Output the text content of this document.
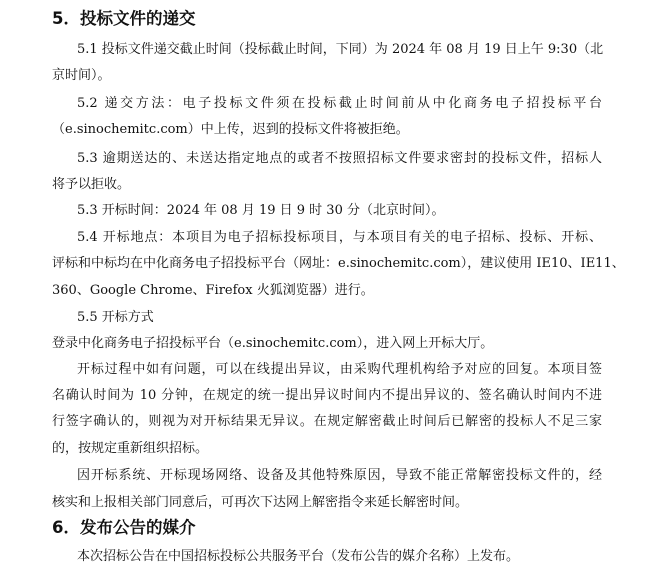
5．投标文件的递交
5.1 投标文件递交截止时间（投标截止时间，下同）为 2024 年 08 月 19 日上午 9:30（北
京时间）。
5.2 递交方法：电子投标文件须在投标截止时间前从中化商务电子招投标平台
（e.sinochemitc.com）中上传，迟到的投标文件将被拒绝。
5.3 逾期送达的、未送达指定地点的或者不按照招标文件要求密封的投标文件，招标人
将予以拒收。
5.3 开标时间：2024 年 08 月 19 日 9 时 30 分（北京时间）。
5.4 开标地点：本项目为电子招标投标项目，与本项目有关的电子招标、投标、开标、
评标和中标均在中化商务电子招投标平台（网址：e.sinochemitc.com），建议使用 IE10、IE11、
360、Google Chrome、Firefox 火狐浏览器）进行。
5.5 开标方式
登录中化商务电子招投标平台（e.sinochemitc.com），进入网上开标大厅。
开标过程中如有问题，可以在线提出异议，由采购代理机构给予对应的回复。本项目签
名确认时间为 10 分钟，在规定的统一提出异议时间内不提出异议的、签名确认时间内不进
行签字确认的，则视为对开标结果无异议。在规定解密截止时间后已解密的投标人不足三家
的，按规定重新组织招标。
因开标系统、开标现场网络、设备及其他特殊原因，导致不能正常解密投标文件的，经
核实和上报相关部门同意后，可再次下达网上解密指令来延长解密时间。
6．发布公告的媒介
本次招标公告在中国招标投标公共服务平台（发布公告的媒介名称）上发布。
